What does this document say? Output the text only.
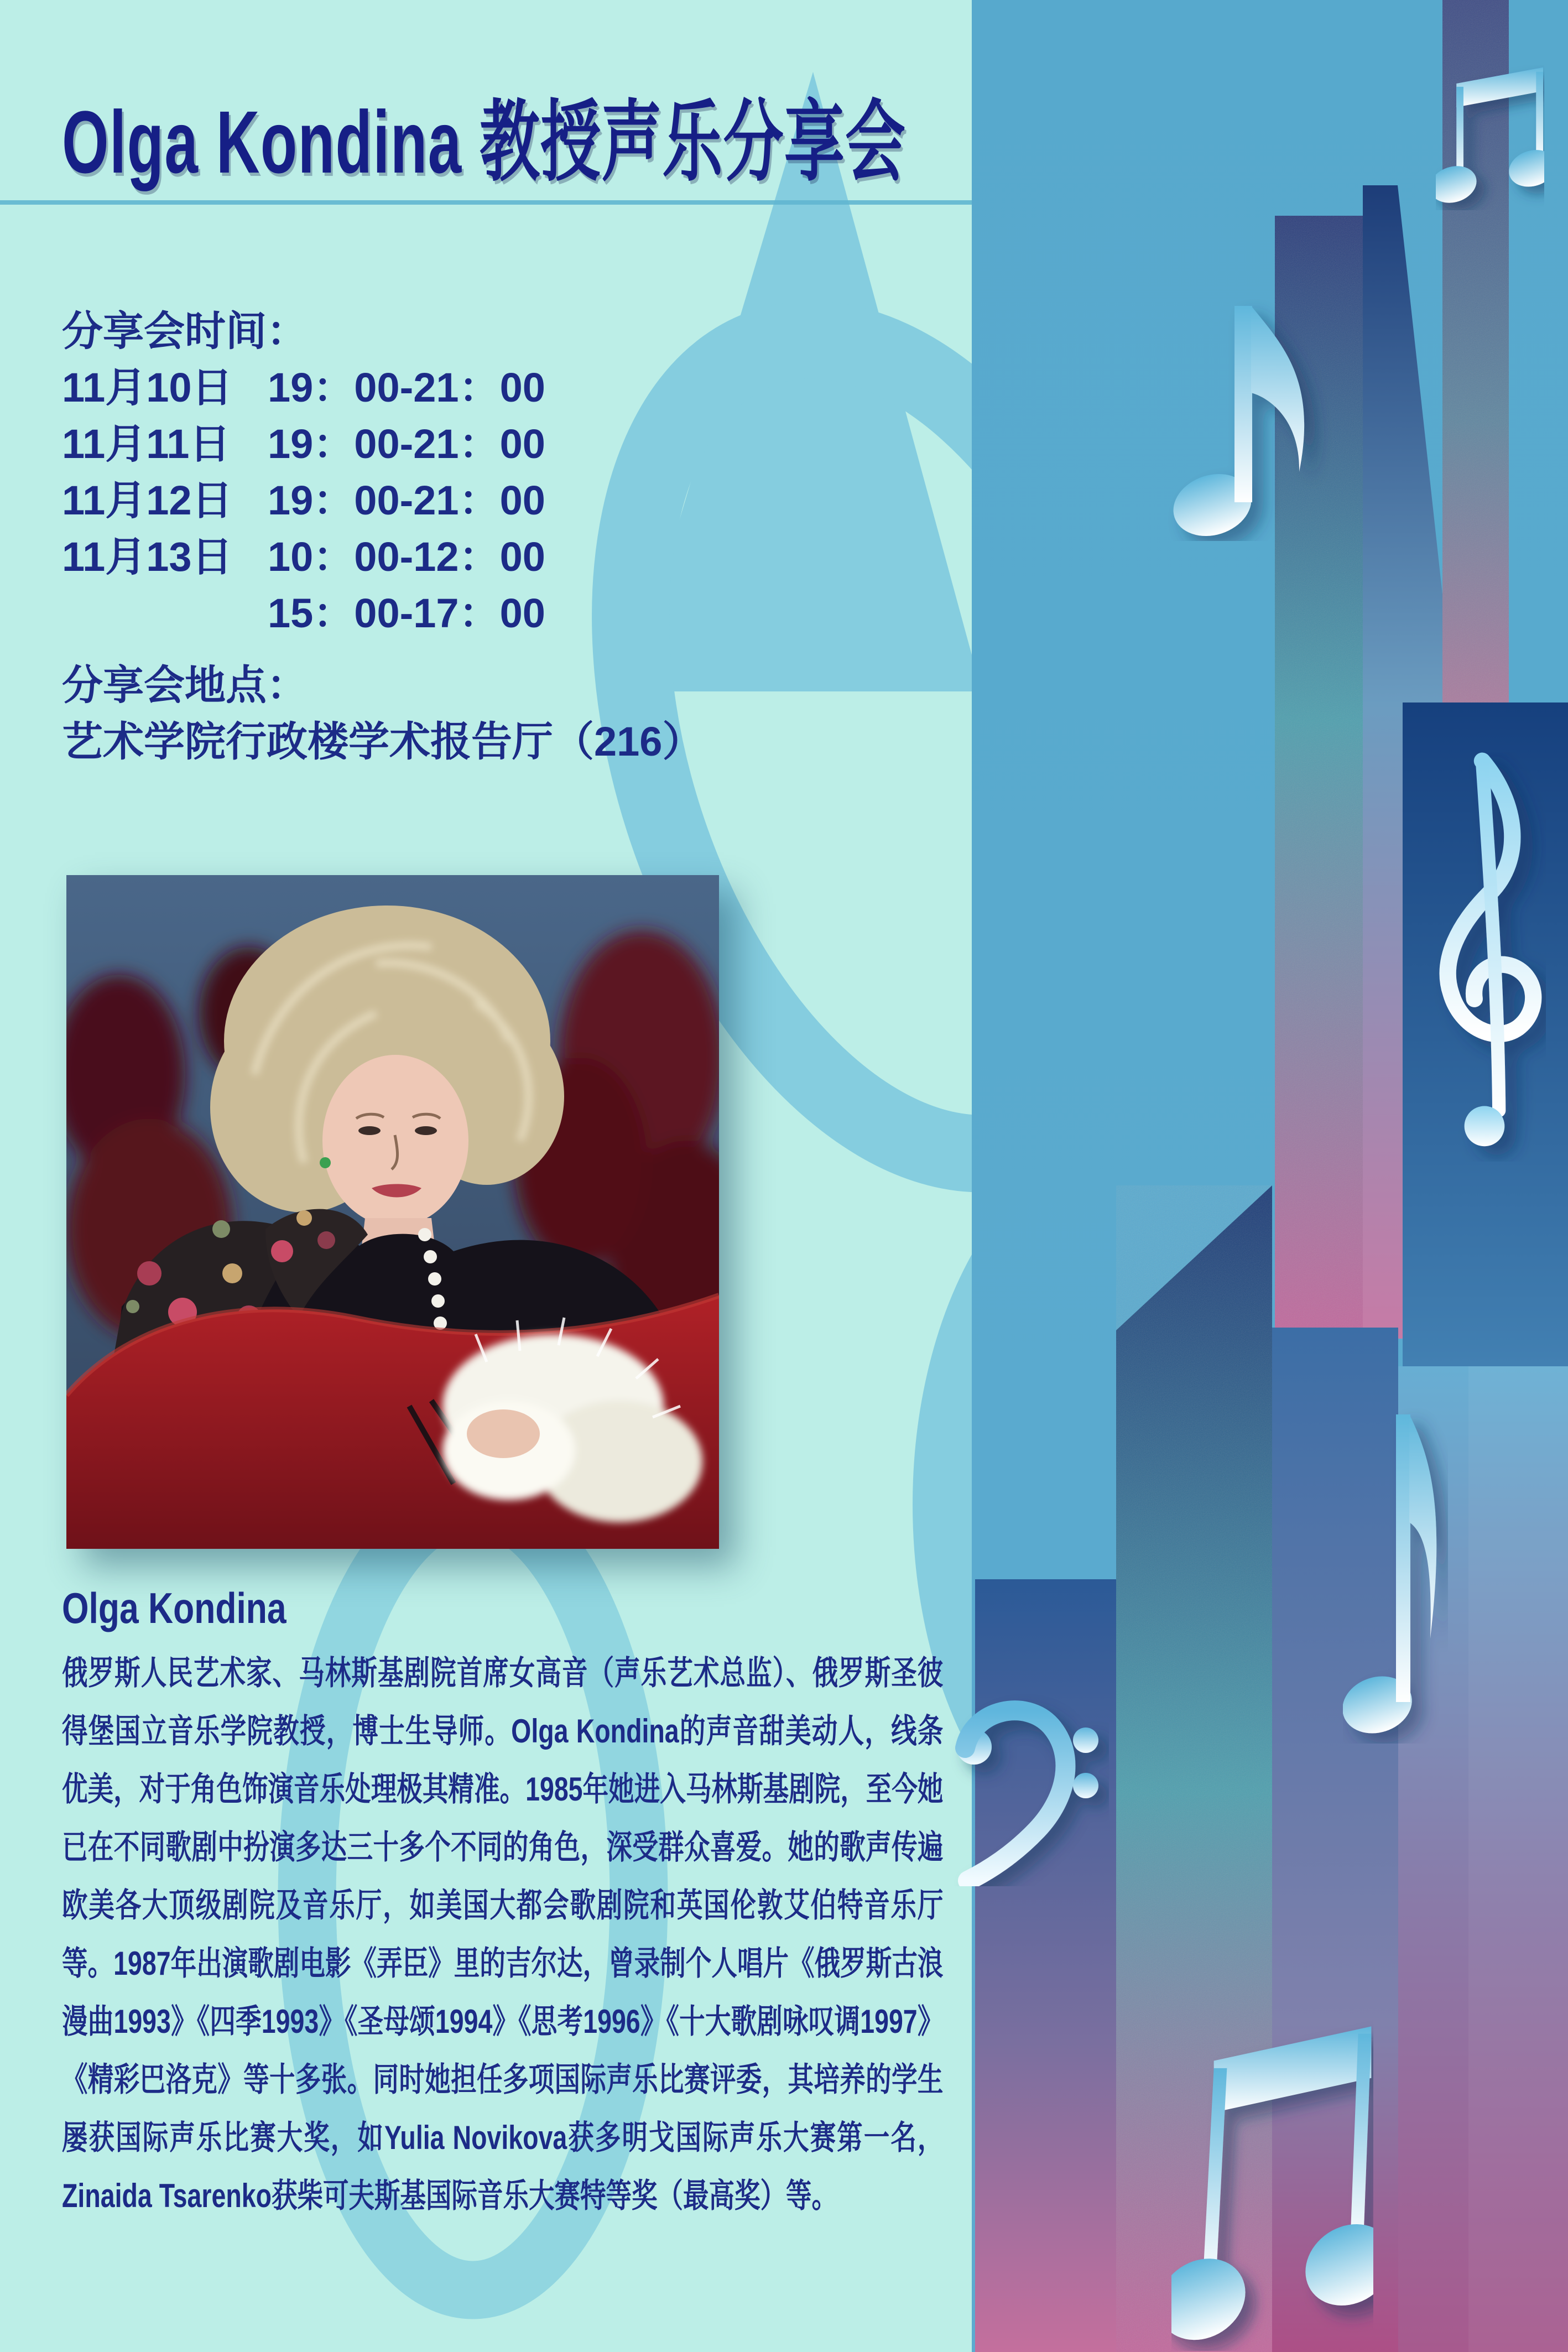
Olga Kondina 教授声乐分享会
分享会时间：
11月10日 19：00-21：00
11月11日 19：00-21：00
11月12日 19：00-21：00
11月13日 10：00-12：00
15：00-17：00
分享会地点：
艺术学院行政楼学术报告厅（216）
Olga Kondina
俄罗斯人民艺术家、马林斯基剧院首席女高音（声乐艺术总监）、俄罗斯圣彼得堡国立音乐学院教授，博士生导师。Olga Kondina的声音甜美动人，线条优美，对于角色饰演音乐处理极其精准。1985年她进入马林斯基剧院，至今她已在不同歌剧中扮演多达三十多个不同的角色，深受群众喜爱。她的歌声传遍欧美各大顶级剧院及音乐厅，如美国大都会歌剧院和英国伦敦艾伯特音乐厅等。1987年出演歌剧电影《弄臣》里的吉尔达，曾录制个人唱片《俄罗斯古浪漫曲1993》《四季1993》《圣母颂1994》《思考1996》《十大歌剧咏叹调1997》《精彩巴洛克》等十多张。同时她担任多项国际声乐比赛评委，其培养的学生屡获国际声乐比赛大奖，如Yulia Novikova获多明戈国际声乐大赛第一名，Zinaida Tsarenko获柴可夫斯基国际音乐大赛特等奖（最高奖）等。
